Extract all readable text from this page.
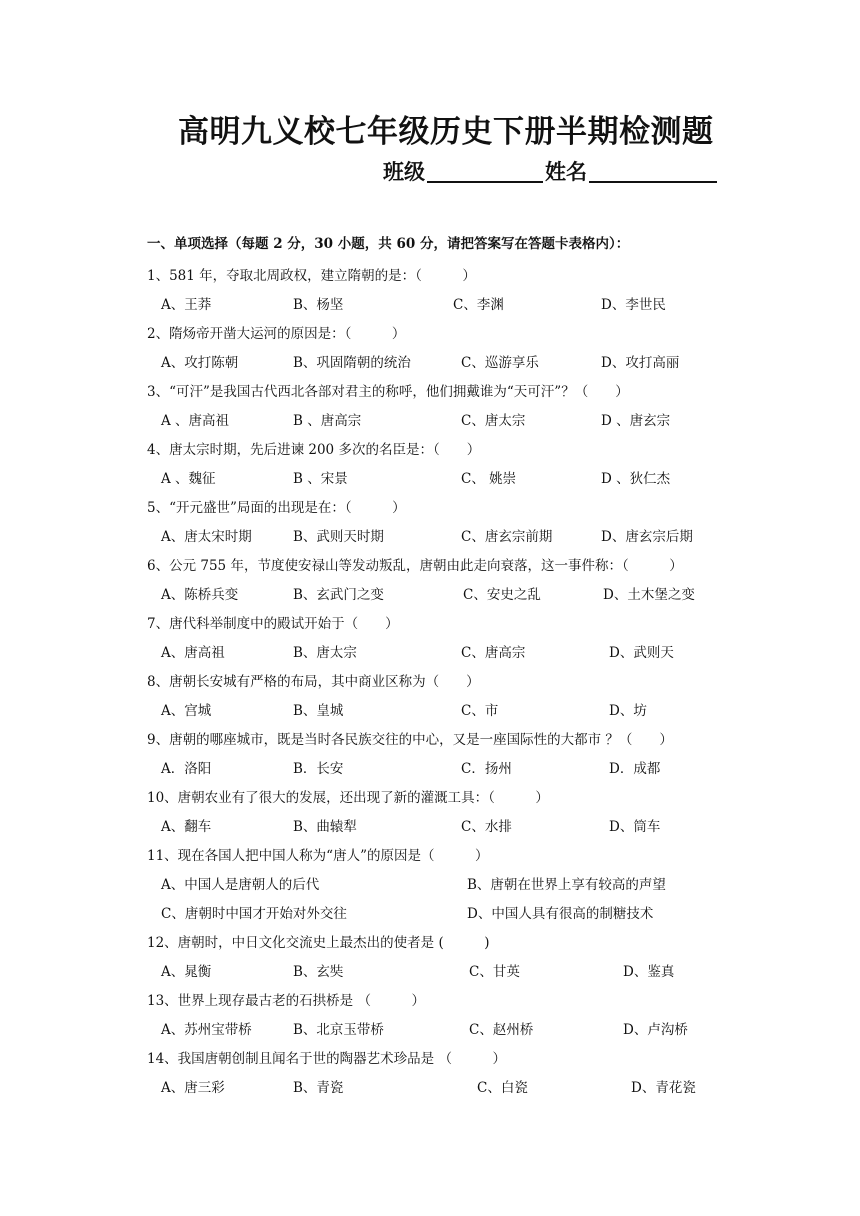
高明九义校七年级历史下册半期检测题
班级	姓名
一、单项选择（每题 2 分，30 小题，共 60 分，请把答案写在答题卡表格内）：
1、581 年，夺取北周政权，建立隋朝的是：（　　　）
A、王莽	B、杨坚	C、李渊	D、李世民
2、隋炀帝开凿大运河的原因是：（　　　）
A、攻打陈朝	B、巩固隋朝的统治	C、巡游享乐	D、攻打高丽
3、“可汗”是我国古代西北各部对君主的称呼，他们拥戴谁为“天可汗”？（　　）
A 、唐高祖	B 、唐高宗	C、唐太宗	D 、唐玄宗
4、唐太宗时期，先后进谏 200 多次的名臣是：（　　）
A 、魏征	B 、宋景	C、 姚崇	D 、狄仁杰
5、“开元盛世”局面的出现是在：（　　　）
A、唐太宋时期	B、武则天时期	C、唐玄宗前期	D、唐玄宗后期
6、公元 755 年，节度使安禄山等发动叛乱，唐朝由此走向衰落，这一事件称：（　　　）
A、陈桥兵变	B、玄武门之变	C、安史之乱	D、土木堡之变
7、唐代科举制度中的殿试开始于（　　）
A、唐高祖	B、唐太宗	C、唐高宗	D、武则天
8、唐朝长安城有严格的布局，其中商业区称为（　　）
A、宫城	B、皇城	C、市	D、坊
9、唐朝的哪座城市，既是当时各民族交往的中心，又是一座国际性的大都市 ？（　　）
A．洛阳	B．长安	C．扬州	D．成都
10、唐朝农业有了很大的发展，还出现了新的灌溉工具：（　　　）
A、翻车	B、曲辕犁	C、水排	D、筒车
11、现在各国人把中国人称为“唐人”的原因是（　　　）
A、中国人是唐朝人的后代	B、唐朝在世界上享有较高的声望
C、唐朝时中国才开始对外交往	D、中国人具有很高的制糖技术
12、唐朝时，中日文化交流史上最杰出的使者是 (　　　)
A、晁衡	B、玄奘	C、甘英	D、鉴真
13、世界上现存最古老的石拱桥是 （　　　）
A、苏州宝带桥	B、北京玉带桥	C、赵州桥	D、卢沟桥
14、我国唐朝创制且闻名于世的陶器艺术珍品是 （　　　）
A、唐三彩	B、青瓷	C、白瓷	D、青花瓷
